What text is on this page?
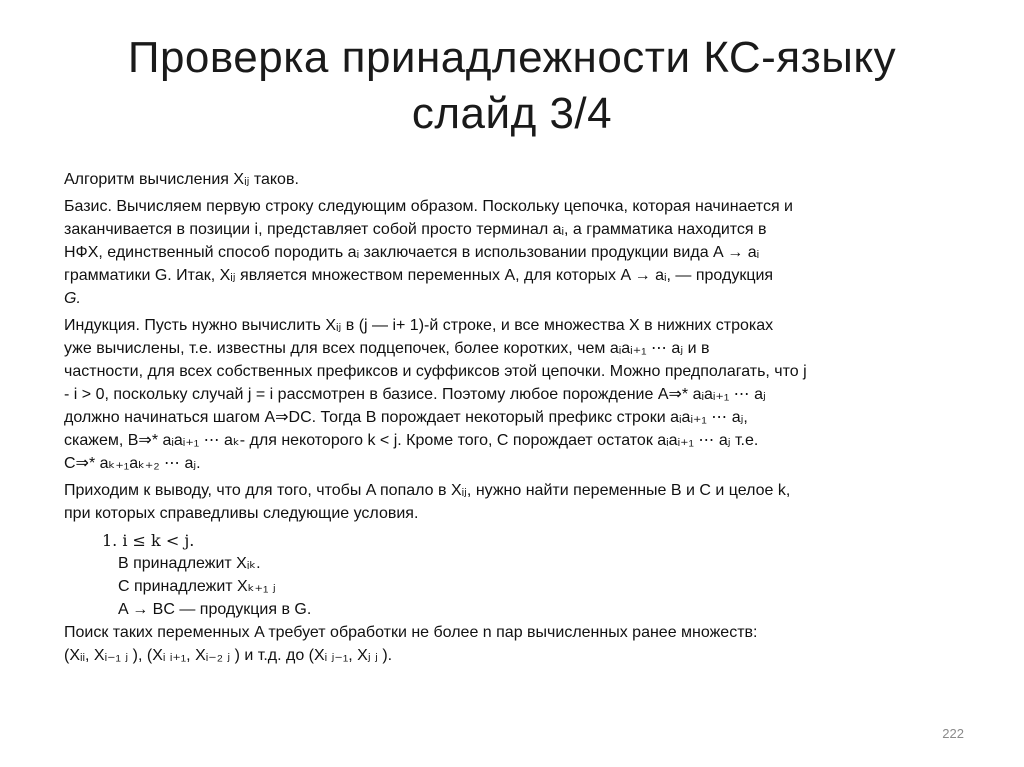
Проверка принадлежности КС-языку
слайд 3/4

Алгоритм вычисления Xᵢⱼ таков.

Базис. Вычисляем первую строку следующим образом. Поскольку цепочка, которая начинается и
заканчивается в позиции i, представляет собой просто терминал aᵢ, а грамматика находится в
НФХ, единственный способ породить aᵢ заключается в использовании продукции вида A → aᵢ
грамматики G. Итак, Xᵢⱼ является множеством переменных A, для которых A → aᵢ, — продукция
G.

Индукция. Пусть нужно вычислить Xᵢⱼ в (j — i+ 1)-й строке, и все множества X в нижних строках
уже вычислены, т.е. известны для всех подцепочек, более коротких, чем aᵢaᵢ₊₁ ⋯ aⱼ и в
частности, для всех собственных префиксов и суффиксов этой цепочки. Можно предполагать, что j
- i > 0, поскольку случай j = i рассмотрен в базисе. Поэтому любое порождение A⇒* aᵢaᵢ₊₁ ⋯ aⱼ
должно начинаться шагом A⇒DC. Тогда B порождает некоторый префикс строки aᵢaᵢ₊₁ ⋯ aⱼ,
скажем, B⇒* aᵢaᵢ₊₁ ⋯ aₖ- для некоторого k < j. Кроме того, C порождает остаток aᵢaᵢ₊₁ ⋯ aⱼ т.е.
C⇒* aₖ₊₁aₖ₊₂ ⋯ aⱼ.

Приходим к выводу, что для того, чтобы A попало в Xᵢⱼ, нужно найти переменные B и C и целое k,
при которых справедливы следующие условия.

1. i ≤ k < j.
B принадлежит Xᵢₖ.
C принадлежит Xₖ₊₁ ⱼ
A → BC — продукция в G.

Поиск таких переменных A требует обработки не более n пар вычисленных ранее множеств:
(Xᵢᵢ, Xᵢ₋₁ ⱼ ), (Xᵢ ᵢ₊₁, Xᵢ₋₂ ⱼ ) и т.д. до (Xᵢ ⱼ₋₁, Xⱼ ⱼ ).

222
